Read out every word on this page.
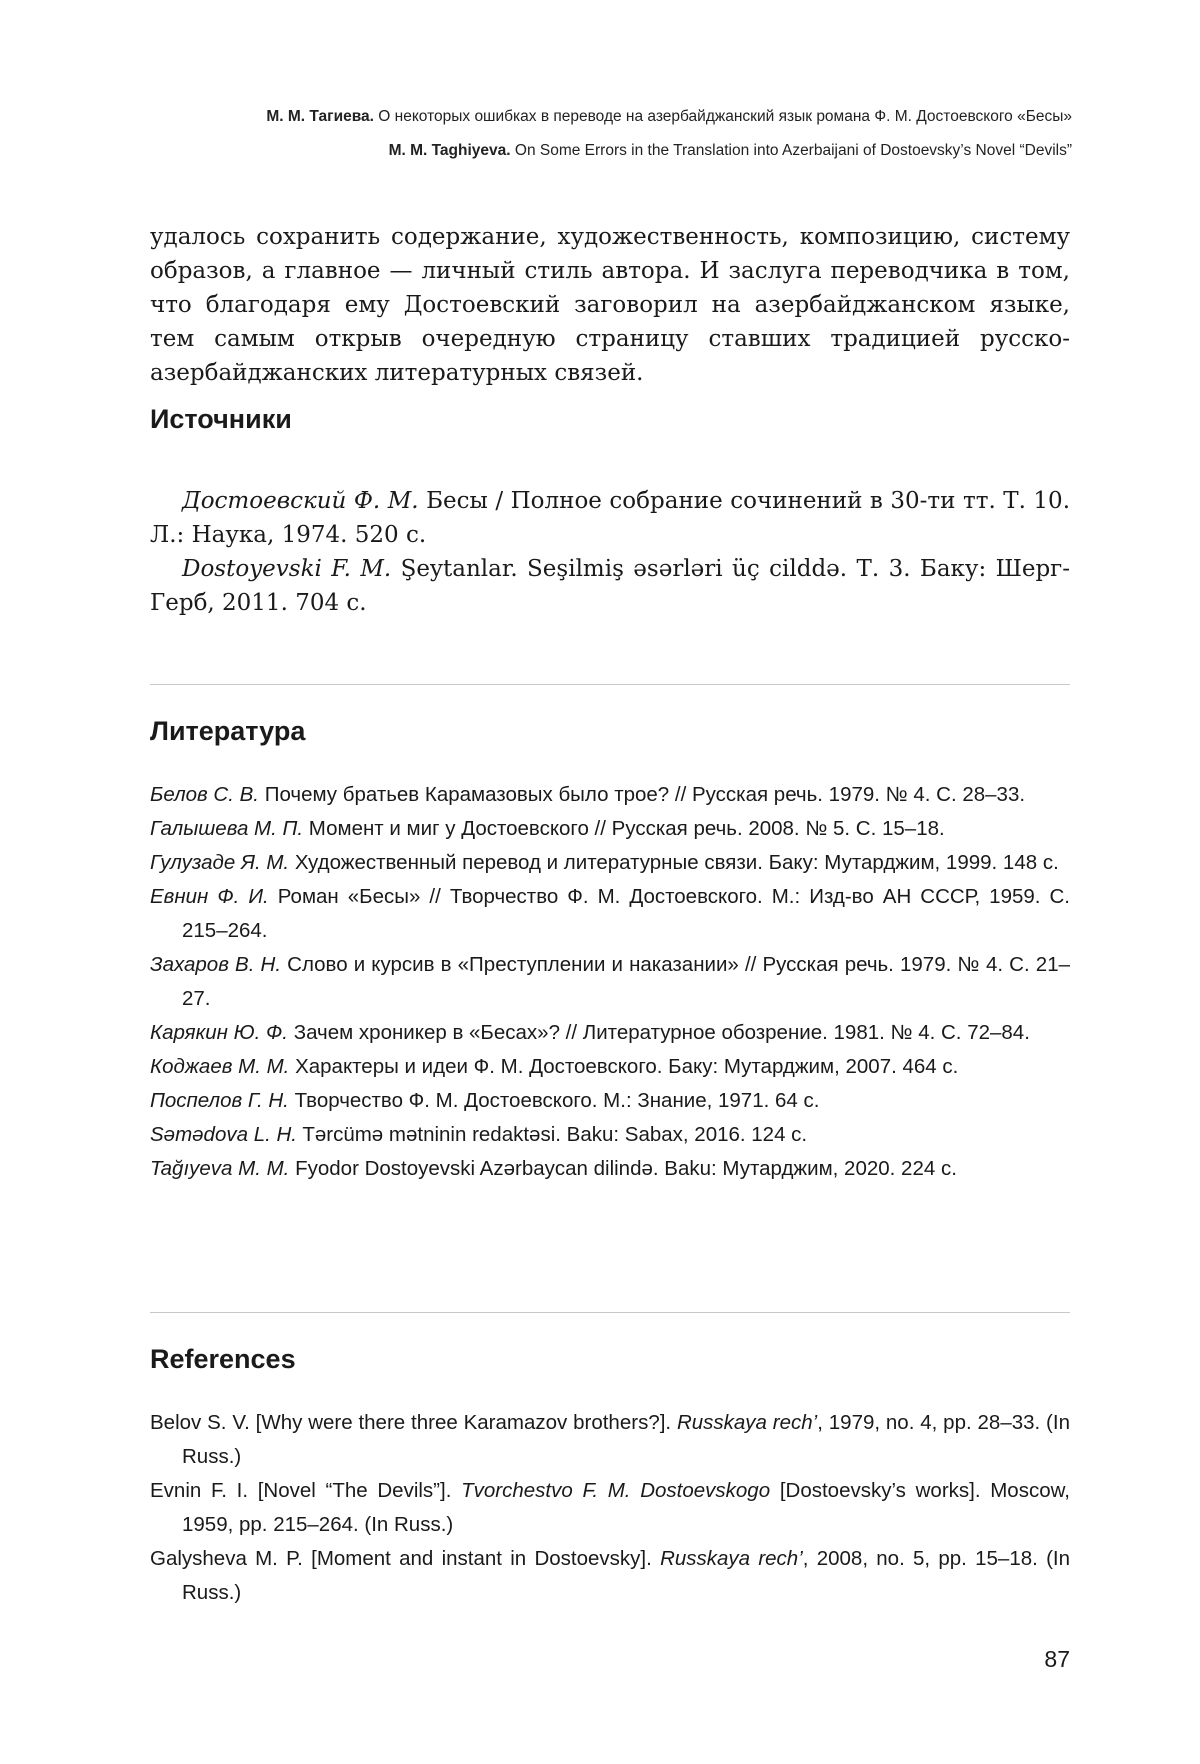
М. М. Тагиева. О некоторых ошибках в переводе на азербайджанский язык романа Ф. М. Достоевского «Бесы»
M. M. Taghiyeva. On Some Errors in the Translation into Azerbaijani of Dostoevsky’s Novel “Devils”

удалось сохранить содержание, художественность, композицию, систему образов, а главное — личный стиль автора. И заслуга переводчика в том, что благодаря ему Достоевский заговорил на азербайджанском языке, тем самым открыв очередную страницу ставших традицией русско-азербайджанских литературных связей.

Источники

Достоевский Ф. М. Бесы / Полное собрание сочинений в 30-ти тт. Т. 10. Л.: Наука, 1974. 520 с.

Dostoyevski F. M. Şeytanlar. Seşilmiş əsərləri üç cilddə. Т. 3. Баку: Шерг-Герб, 2011. 704 с.

Литература

Белов С. В. Почему братьев Карамазовых было трое? // Русская речь. 1979. № 4. С. 28–33.

Галышева М. П. Момент и миг у Достоевского // Русская речь. 2008. № 5. С. 15–18.

Гулузаде Я. М. Художественный перевод и литературные связи. Баку: Мутарджим, 1999. 148 с.

Евнин Ф. И. Роман «Бесы» // Творчество Ф. М. Достоевского. М.: Изд-во АН СССР, 1959. С. 215–264.

Захаров В. Н. Слово и курсив в «Преступлении и наказании» // Русская речь. 1979. № 4. С. 21–27.

Карякин Ю. Ф. Зачем хроникер в «Бесах»? // Литературное обозрение. 1981. № 4. С. 72–84.

Коджаев М. М. Характеры и идеи Ф. М. Достоевского. Баку: Мутарджим, 2007. 464 с.

Поспелов Г. Н. Творчество Ф. М. Достоевского. М.: Знание, 1971. 64 с.

Səmədova L. H. Tərcümə mətninin redaktəsi. Baku: Sabax, 2016. 124 с.

Tağıyeva M. M. Fyodor Dostoyevski Azərbaycan dilində. Baku: Мутарджим, 2020. 224 с.

References

Belov S. V. [Why were there three Karamazov brothers?]. Russkaya rech’, 1979, no. 4, pp. 28–33. (In Russ.)

Evnin F. I. [Novel “The Devils”]. Tvorchestvo F. M. Dostoevskogo [Dostoevsky’s works]. Moscow, 1959, pp. 215–264. (In Russ.)

Galysheva M. P. [Moment and instant in Dostoevsky]. Russkaya rech’, 2008, no. 5, pp. 15–18. (In Russ.)

87
